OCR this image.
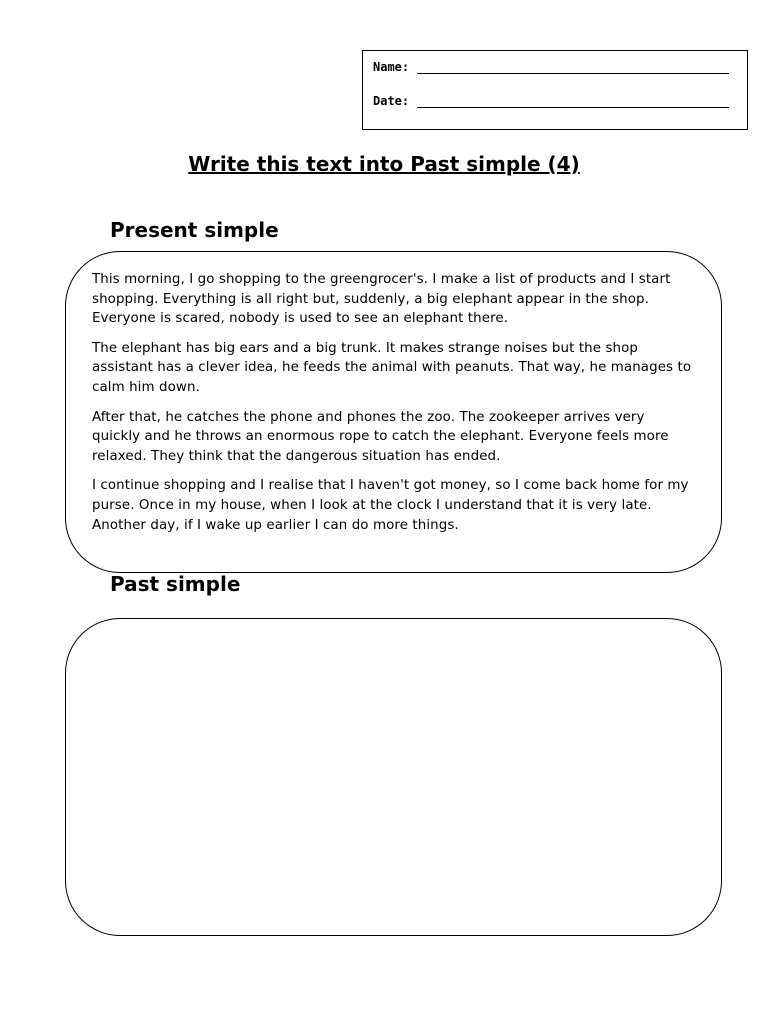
Name:
Date:
Write this text into Past simple (4)
Present simple

This morning, I go shopping to the greengrocer's. I make a list of products and I start shopping. Everything is all right but, suddenly, a big elephant appear in the shop. Everyone is scared, nobody is used to see an elephant there.

The elephant has big ears and a big trunk. It makes strange noises but the shop assistant has a clever idea, he feeds the animal with peanuts. That way, he manages to calm him down.

After that, he catches the phone and phones the zoo. The zookeeper arrives very quickly and he throws an enormous rope to catch the elephant. Everyone feels more relaxed. They think that the dangerous situation has ended.

I continue shopping and I realise that I haven't got money, so I come back home for my purse. Once in my house, when I look at the clock I understand that it is very late. Another day, if I wake up earlier I can do more things.

Past simple
